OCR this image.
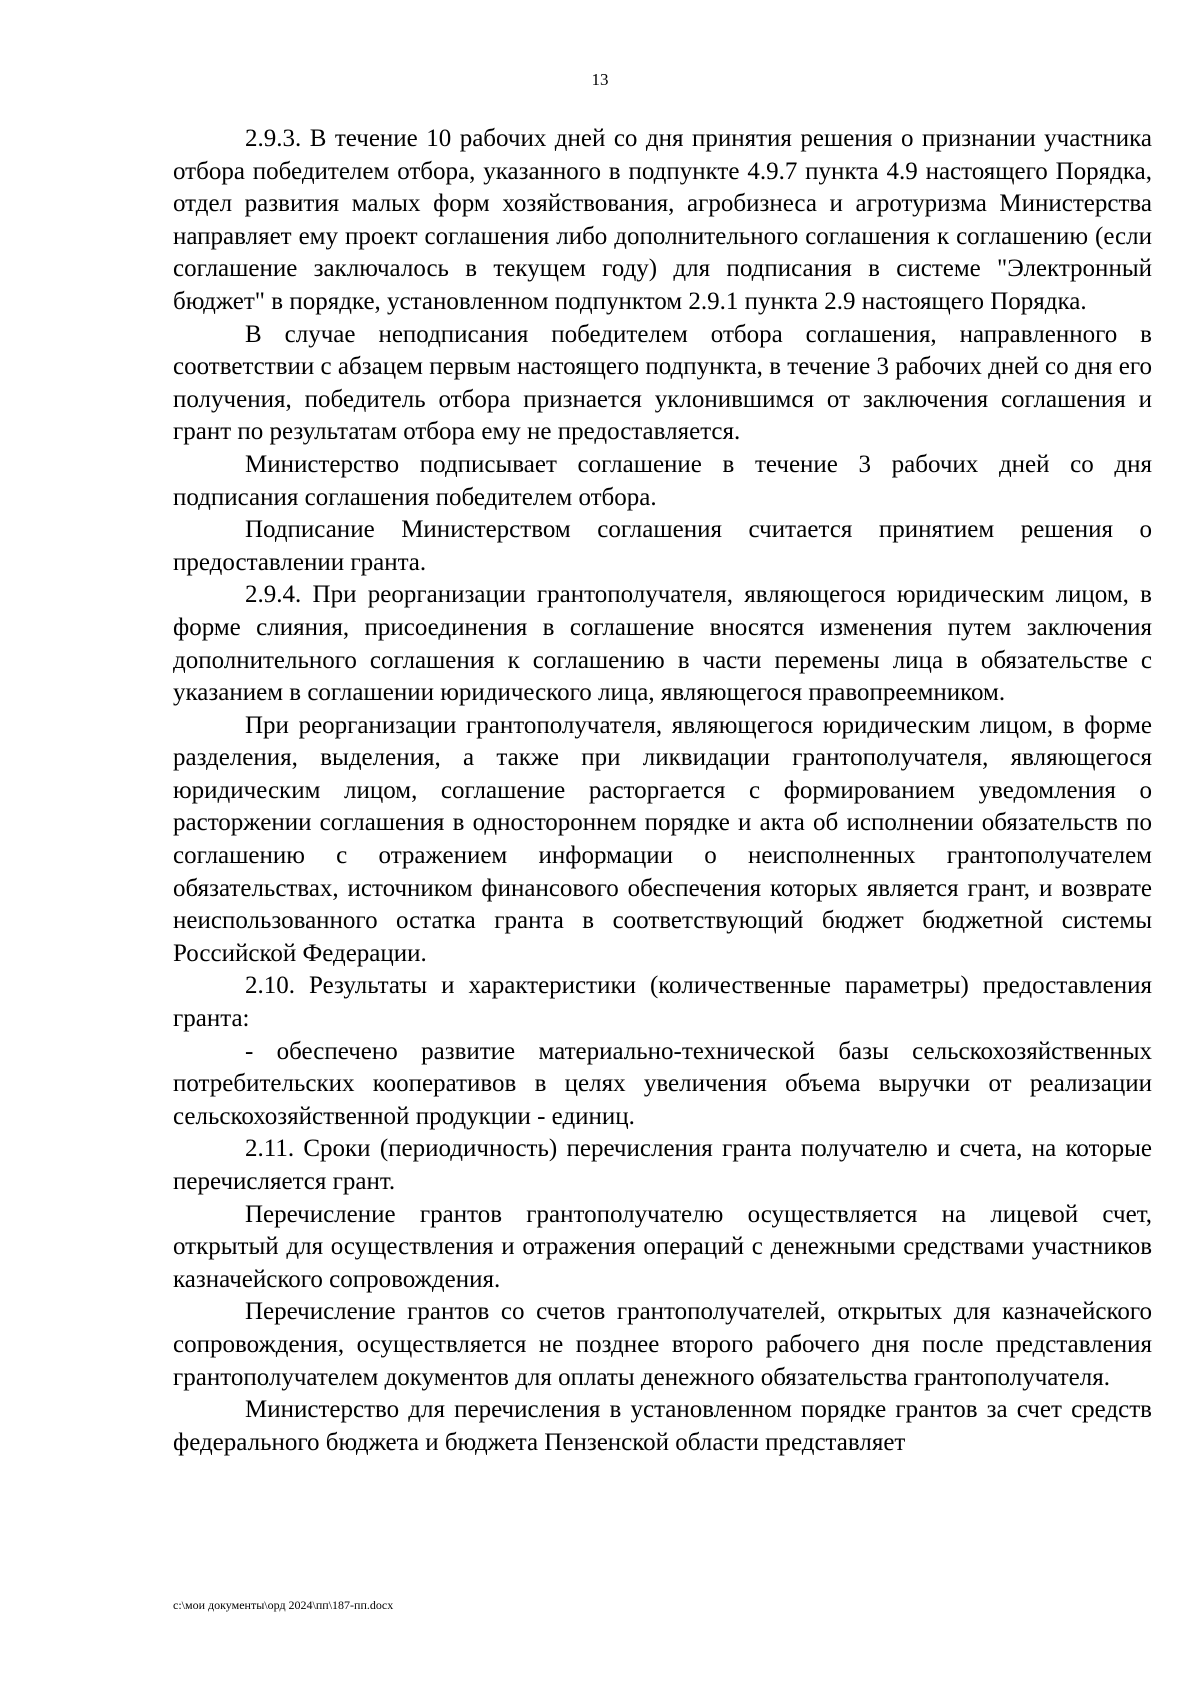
13

2.9.3. В течение 10 рабочих дней со дня принятия решения о признании участника отбора победителем отбора, указанного в подпункте 4.9.7 пункта 4.9 настоящего Порядка, отдел развития малых форм хозяйствования, агробизнеса и агротуризма Министерства направляет ему проект соглашения либо дополнительного соглашения к соглашению (если соглашение заключалось в текущем году) для подписания в системе "Электронный бюджет" в порядке, установленном подпунктом 2.9.1 пункта 2.9 настоящего Порядка.

В случае неподписания победителем отбора соглашения, направленного в соответствии с абзацем первым настоящего подпункта, в течение 3 рабочих дней со дня его получения, победитель отбора признается уклонившимся от заключения соглашения и грант по результатам отбора ему не предоставляется.

Министерство подписывает соглашение в течение 3 рабочих дней со дня подписания соглашения победителем отбора.

Подписание Министерством соглашения считается принятием решения о предоставлении гранта.

2.9.4. При реорганизации грантополучателя, являющегося юридическим лицом, в форме слияния, присоединения в соглашение вносятся изменения путем заключения дополнительного соглашения к соглашению в части перемены лица в обязательстве с указанием в соглашении юридического лица, являющегося правопреемником.

При реорганизации грантополучателя, являющегося юридическим лицом, в форме разделения, выделения, а также при ликвидации грантополучателя, являющегося юридическим лицом, соглашение расторгается с формированием уведомления о расторжении соглашения в одностороннем порядке и акта об исполнении обязательств по соглашению с отражением информации о неисполненных грантополучателем обязательствах, источником финансового обеспечения которых является грант, и возврате неиспользованного остатка гранта в соответствующий бюджет бюджетной системы Российской Федерации.

2.10. Результаты и характеристики (количественные параметры) предоставления гранта:

- обеспечено развитие материально-технической базы сельскохозяйственных потребительских кооперативов в целях увеличения объема выручки от реализации сельскохозяйственной продукции - единиц.

2.11. Сроки (периодичность) перечисления гранта получателю и счета, на которые перечисляется грант.

Перечисление грантов грантополучателю осуществляется на лицевой счет, открытый для осуществления и отражения операций с денежными средствами участников казначейского сопровождения.

Перечисление грантов со счетов грантополучателей, открытых для казначейского сопровождения, осуществляется не позднее второго рабочего дня после представления грантополучателем документов для оплаты денежного обязательства грантополучателя.

Министерство для перечисления в установленном порядке грантов за счет средств федерального бюджета и бюджета Пензенской области представляет

c:\мои документы\орд 2024\пп\187-пп.docx
